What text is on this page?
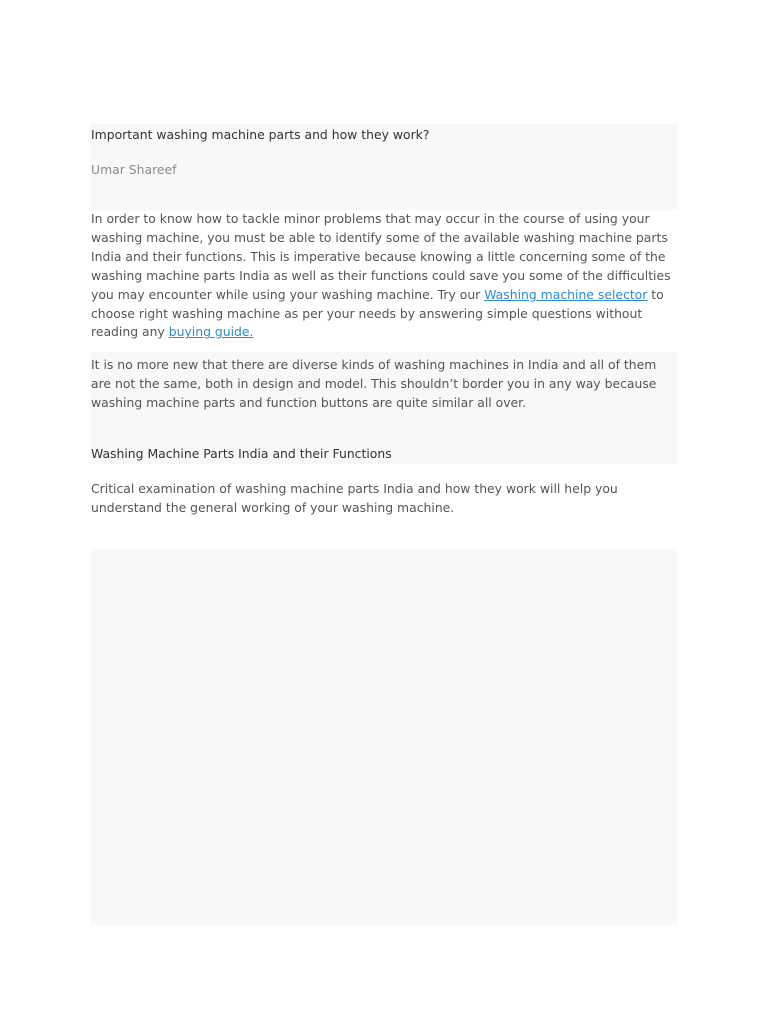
Important washing machine parts and how they work?

Umar Shareef

In order to know how to tackle minor problems that may occur in the course of using your washing machine, you must be able to identify some of the available washing machine parts India and their functions. This is imperative because knowing a little concerning some of the washing machine parts India as well as their functions could save you some of the difficulties you may encounter while using your washing machine. Try our Washing machine selector to choose right washing machine as per your needs by answering simple questions without reading any buying guide.

It is no more new that there are diverse kinds of washing machines in India and all of them are not the same, both in design and model. This shouldn’t border you in any way because washing machine parts and function buttons are quite similar all over.

Washing Machine Parts India and their Functions

Critical examination of washing machine parts India and how they work will help you understand the general working of your washing machine.
